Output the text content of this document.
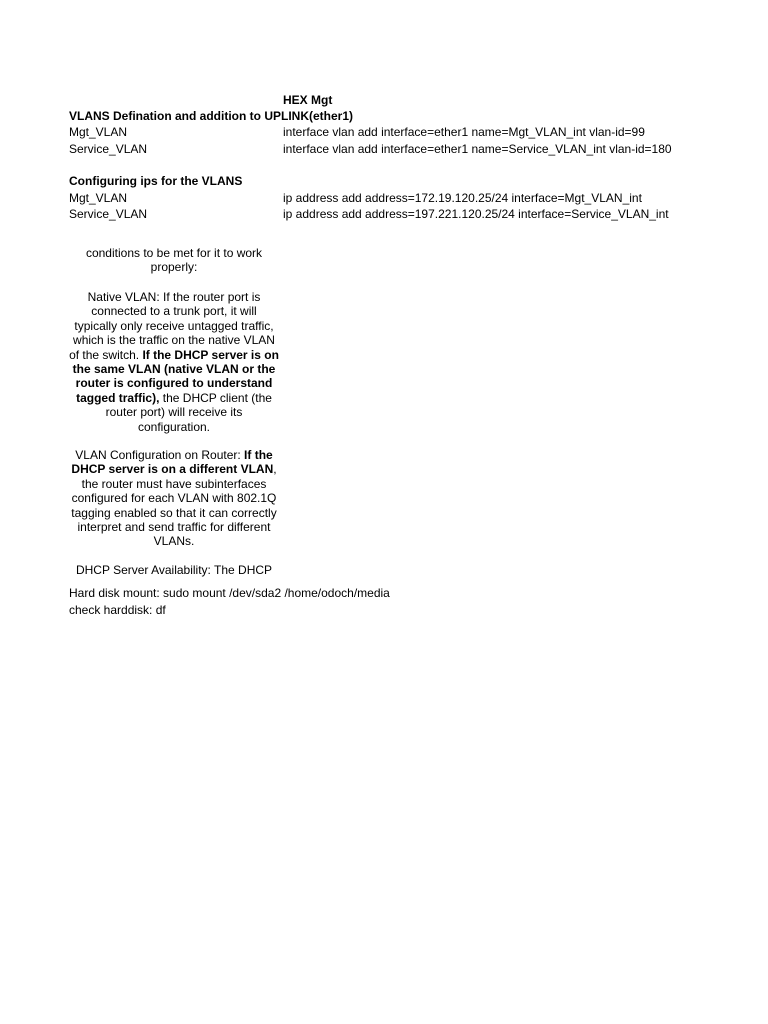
HEX Mgt
VLANS Defination and addition to UPLINK(ether1)
Mgt_VLAN	interface vlan add interface=ether1 name=Mgt_VLAN_int vlan-id=99
Service_VLAN	interface vlan add interface=ether1 name=Service_VLAN_int vlan-id=180
Configuring ips for the VLANS
Mgt_VLAN	ip address add address=172.19.120.25/24 interface=Mgt_VLAN_int
Service_VLAN	ip address add address=197.221.120.25/24 interface=Service_VLAN_int
conditions to be met for it to work properly:
Native VLAN: If the router port is connected to a trunk port, it will typically only receive untagged traffic, which is the traffic on the native VLAN of the switch. If the DHCP server is on the same VLAN (native VLAN or the router is configured to understand tagged traffic), the DHCP client (the router port) will receive its configuration.
VLAN Configuration on Router: If the DHCP server is on a different VLAN, the router must have subinterfaces configured for each VLAN with 802.1Q tagging enabled so that it can correctly interpret and send traffic for different VLANs.
DHCP Server Availability: The DHCP
Hard disk mount: sudo mount /dev/sda2 /home/odoch/media
check harddisk: df
